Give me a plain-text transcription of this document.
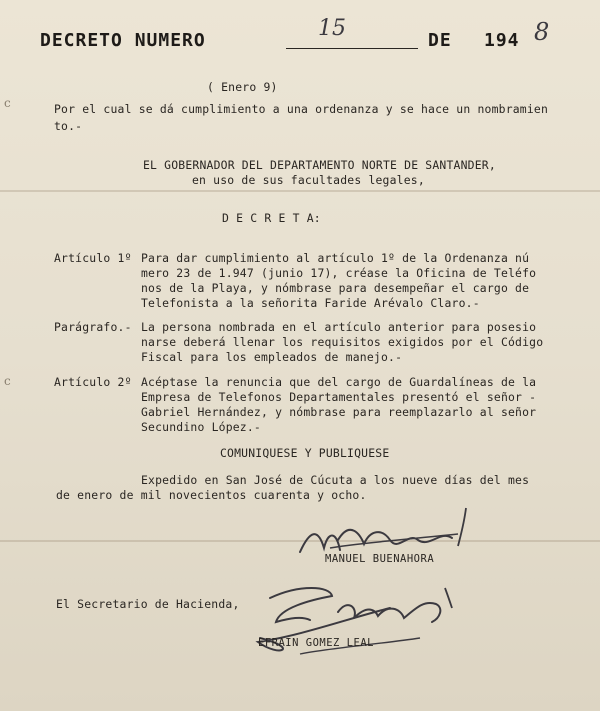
c
c
DECRETO NUMERO	15	DE 194 8
( Enero 9)
Por el cual se dá cumplimiento a una ordenanza y se hace un nombramien
to.-
EL GOBERNADOR DEL DEPARTAMENTO NORTE DE SANTANDER,
en uso de sus facultades legales,
D E C R E T A:
Artículo 1º Para dar cumplimiento al artículo 1º de la Ordenanza nú
mero 23 de 1.947 (junio 17), créase la Oficina de Teléfo
nos de la Playa, y nómbrase para desempeñar el cargo de
Telefonista a la señorita Faride Arévalo Claro.-
Parágrafo.- La persona nombrada en el artículo anterior para posesio
narse deberá llenar los requisitos exigidos por el Código
Fiscal para los empleados de manejo.-
Artículo 2º Acéptase la renuncia que del cargo de Guardalíneas de la
Empresa de Telefonos Departamentales presentó el señor -
Gabriel Hernández, y nómbrase para reemplazarlo al señor
Secundino López.-
COMUNIQUESE Y PUBLIQUESE
Expedido en San José de Cúcuta a los nueve días del mes
de enero de mil novecientos cuarenta y ocho.
MANUEL BUENAHORA
El Secretario de Hacienda,
EFRAIN GOMEZ LEAL
